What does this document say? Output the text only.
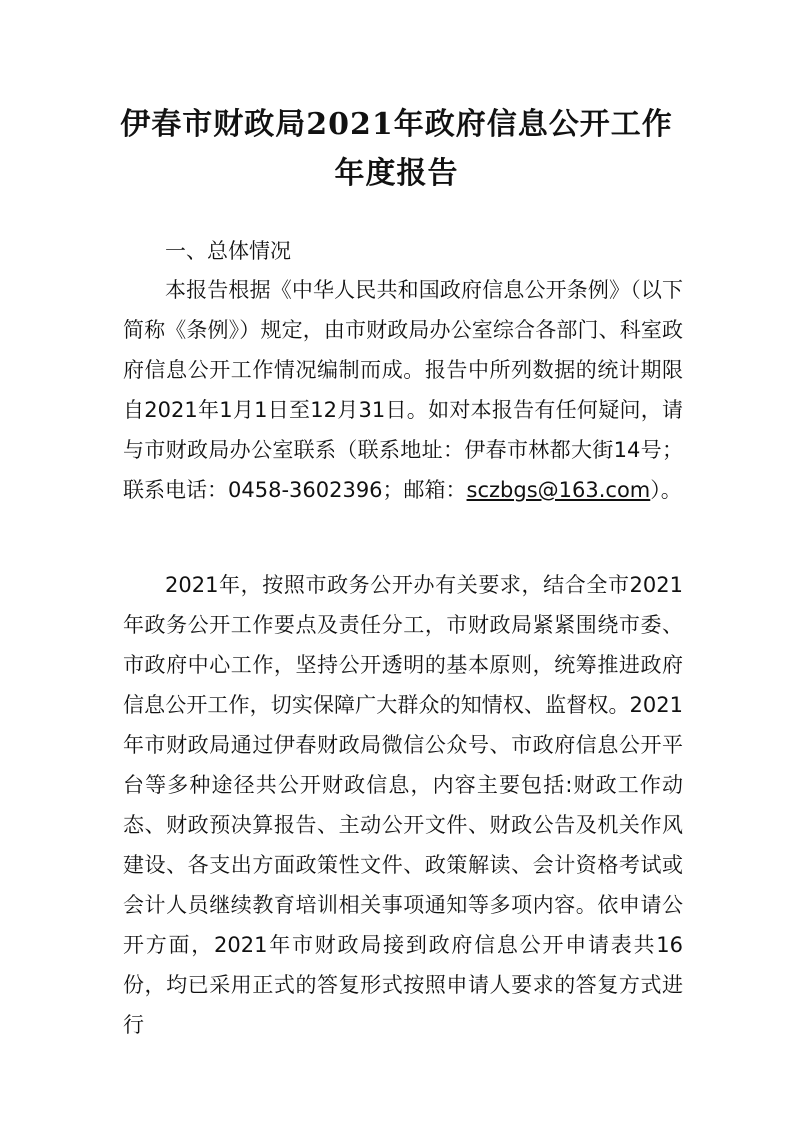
伊春市财政局2021年政府信息公开工作
年度报告
一、总体情况
本报告根据《中华人民共和国政府信息公开条例》（以下简称《条例》）规定，由市财政局办公室综合各部门、科室政府信息公开工作情况编制而成。报告中所列数据的统计期限自2021年1月1日至12月31日。如对本报告有任何疑问，请与市财政局办公室联系（联系地址：伊春市林都大街14号；联系电话：0458-3602396；邮箱：sczbgs@163.com）。
2021年，按照市政务公开办有关要求，结合全市2021年政务公开工作要点及责任分工，市财政局紧紧围绕市委、市政府中心工作，坚持公开透明的基本原则，统筹推进政府信息公开工作，切实保障广大群众的知情权、监督权。2021年市财政局通过伊春财政局微信公众号、市政府信息公开平台等多种途径共公开财政信息，内容主要包括:财政工作动态、财政预决算报告、主动公开文件、财政公告及机关作风建设、各支出方面政策性文件、政策解读、会计资格考试或会计人员继续教育培训相关事项通知等多项内容。依申请公开方面，2021年市财政局接到政府信息公开申请表共16份，均已采用正式的答复形式按照申请人要求的答复方式进行
